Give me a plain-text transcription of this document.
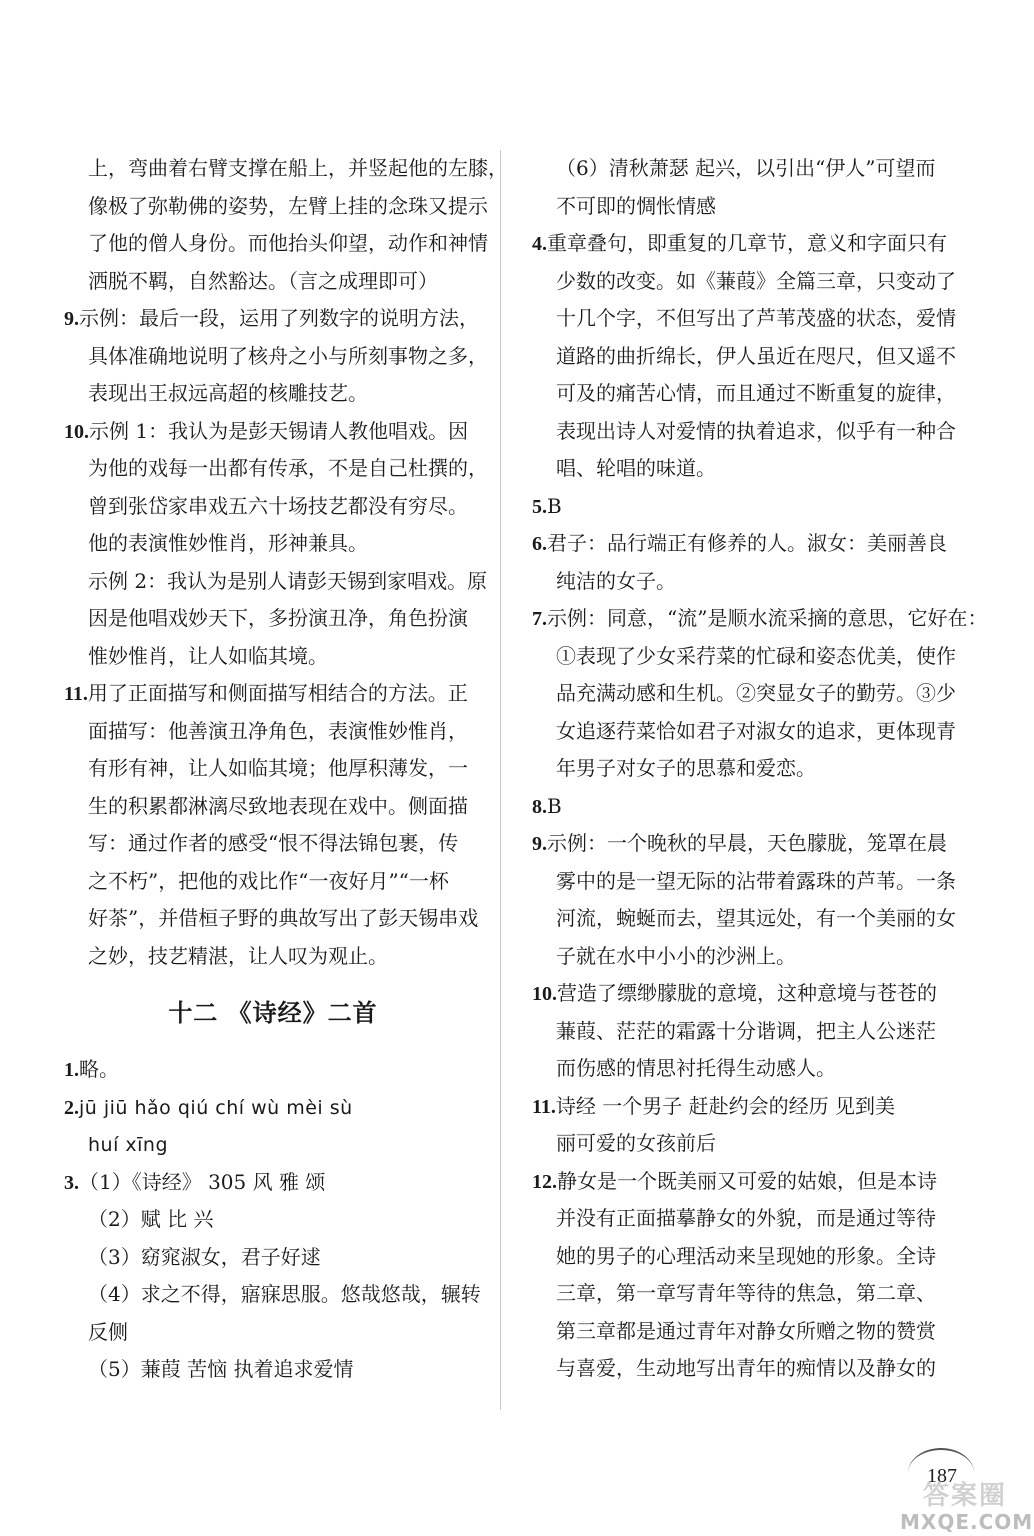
上，弯曲着右臂支撑在船上，并竖起他的左膝，
像极了弥勒佛的姿势，左臂上挂的念珠又提示
了他的僧人身份。而他抬头仰望，动作和神情
洒脱不羁，自然豁达。（言之成理即可）
9.示例：最后一段，运用了列数字的说明方法，
具体准确地说明了核舟之小与所刻事物之多，
表现出王叔远高超的核雕技艺。
10.示例 1：我认为是彭天锡请人教他唱戏。因
为他的戏每一出都有传承，不是自己杜撰的，
曾到张岱家串戏五六十场技艺都没有穷尽。
他的表演惟妙惟肖，形神兼具。
示例 2：我认为是别人请彭天锡到家唱戏。原
因是他唱戏妙天下，多扮演丑净，角色扮演
惟妙惟肖，让人如临其境。
11.用了正面描写和侧面描写相结合的方法。正
面描写：他善演丑净角色，表演惟妙惟肖，
有形有神，让人如临其境；他厚积薄发，一
生的积累都淋漓尽致地表现在戏中。侧面描
写：通过作者的感受“恨不得法锦包裹，传
之不朽”，把他的戏比作“一夜好月”“一杯
好茶”，并借桓子野的典故写出了彭天锡串戏
之妙，技艺精湛，让人叹为观止。
十二 《诗经》二首
1.略。
2.jū jiū hǎo qiú chí wù mèi sù
huí xīng
3.（1）《诗经》 305 风 雅 颂
（2）赋 比 兴
（3）窈窕淑女，君子好逑
（4）求之不得，寤寐思服。悠哉悠哉，辗转
反侧
（5）蒹葭 苦恼 执着追求爱情
（6）清秋萧瑟 起兴，以引出“伊人”可望而
不可即的惆怅情感
4.重章叠句，即重复的几章节，意义和字面只有
少数的改变。如《蒹葭》全篇三章，只变动了
十几个字，不但写出了芦苇茂盛的状态，爱情
道路的曲折绵长，伊人虽近在咫尺，但又遥不
可及的痛苦心情，而且通过不断重复的旋律，
表现出诗人对爱情的执着追求，似乎有一种合
唱、轮唱的味道。
5.B
6.君子：品行端正有修养的人。淑女：美丽善良
纯洁的女子。
7.示例：同意，“流”是顺水流采摘的意思，它好在：
①表现了少女采荇菜的忙碌和姿态优美，使作
品充满动感和生机。②突显女子的勤劳。③少
女追逐荇菜恰如君子对淑女的追求，更体现青
年男子对女子的思慕和爱恋。
8.B
9.示例：一个晚秋的早晨，天色朦胧，笼罩在晨
雾中的是一望无际的沾带着露珠的芦苇。一条
河流，蜿蜒而去，望其远处，有一个美丽的女
子就在水中小小的沙洲上。
10.营造了缥缈朦胧的意境，这种意境与苍苍的
蒹葭、茫茫的霜露十分谐调，把主人公迷茫
而伤感的情思衬托得生动感人。
11.诗经 一个男子 赶赴约会的经历 见到美
丽可爱的女孩前后
12.静女是一个既美丽又可爱的姑娘，但是本诗
并没有正面描摹静女的外貌，而是通过等待
她的男子的心理活动来呈现她的形象。全诗
三章，第一章写青年等待的焦急，第二章、
第三章都是通过青年对静女所赠之物的赞赏
与喜爱，生动地写出青年的痴情以及静女的
187
答案圈
MXQE.COM
